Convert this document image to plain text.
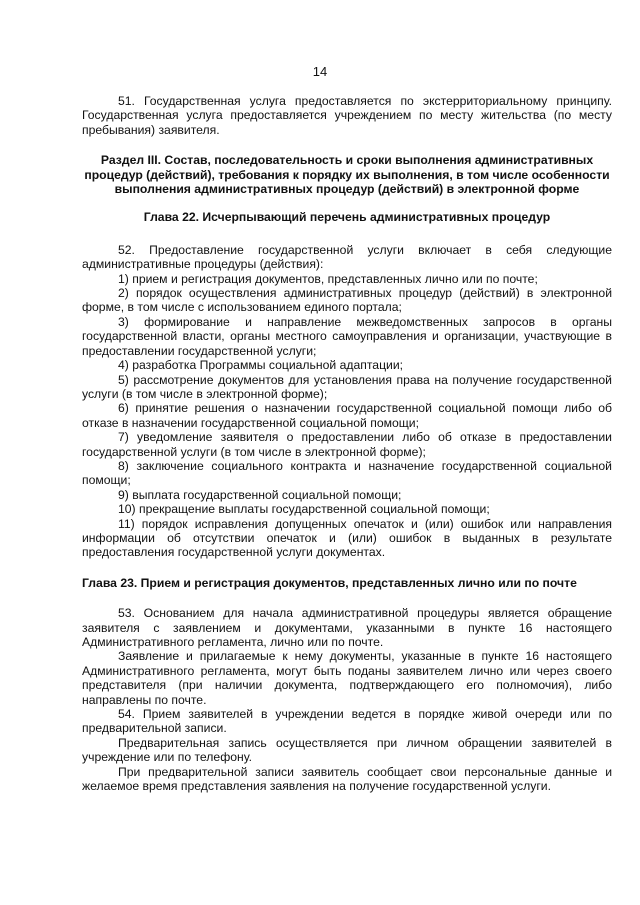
14

51. Государственная услуга предоставляется по экстерриториальному принципу. Государственная услуга предоставляется учреждением по месту жительства (по месту пребывания) заявителя.

Раздел III. Состав, последовательность и сроки выполнения административных процедур (действий), требования к порядку их выполнения, в том числе особенности выполнения административных процедур (действий) в электронной форме

Глава 22. Исчерпывающий перечень административных процедур

52. Предоставление государственной услуги включает в себя следующие административные процедуры (действия):

1) прием и регистрация документов, представленных лично или по почте;

2) порядок осуществления административных процедур (действий) в электронной форме, в том числе с использованием единого портала;

3) формирование и направление межведомственных запросов в органы государственной власти, органы местного самоуправления и организации, участвующие в предоставлении государственной услуги;

4) разработка Программы социальной адаптации;

5) рассмотрение документов для установления права на получение государственной услуги (в том числе в электронной форме);

6) принятие решения о назначении государственной социальной помощи либо об отказе в назначении государственной социальной помощи;

7) уведомление заявителя о предоставлении либо об отказе в предоставлении государственной услуги (в том числе в электронной форме);

8) заключение социального контракта и назначение государственной социальной помощи;

9) выплата государственной социальной помощи;

10) прекращение выплаты государственной социальной помощи;

11) порядок исправления допущенных опечаток и (или) ошибок или направления информации об отсутствии опечаток и (или) ошибок в выданных в результате предоставления государственной услуги документах.

Глава 23. Прием и регистрация документов, представленных лично или по почте

53. Основанием для начала административной процедуры является обращение заявителя с заявлением и документами, указанными в пункте 16 настоящего Административного регламента, лично или по почте.

Заявление и прилагаемые к нему документы, указанные в пункте 16 настоящего Административного регламента, могут быть поданы заявителем лично или через своего представителя (при наличии документа, подтверждающего его полномочия), либо направлены по почте.

54. Прием заявителей в учреждении ведется в порядке живой очереди или по предварительной записи.

Предварительная запись осуществляется при личном обращении заявителей в учреждение или по телефону.

При предварительной записи заявитель сообщает свои персональные данные и желаемое время представления заявления на получение государственной услуги.
